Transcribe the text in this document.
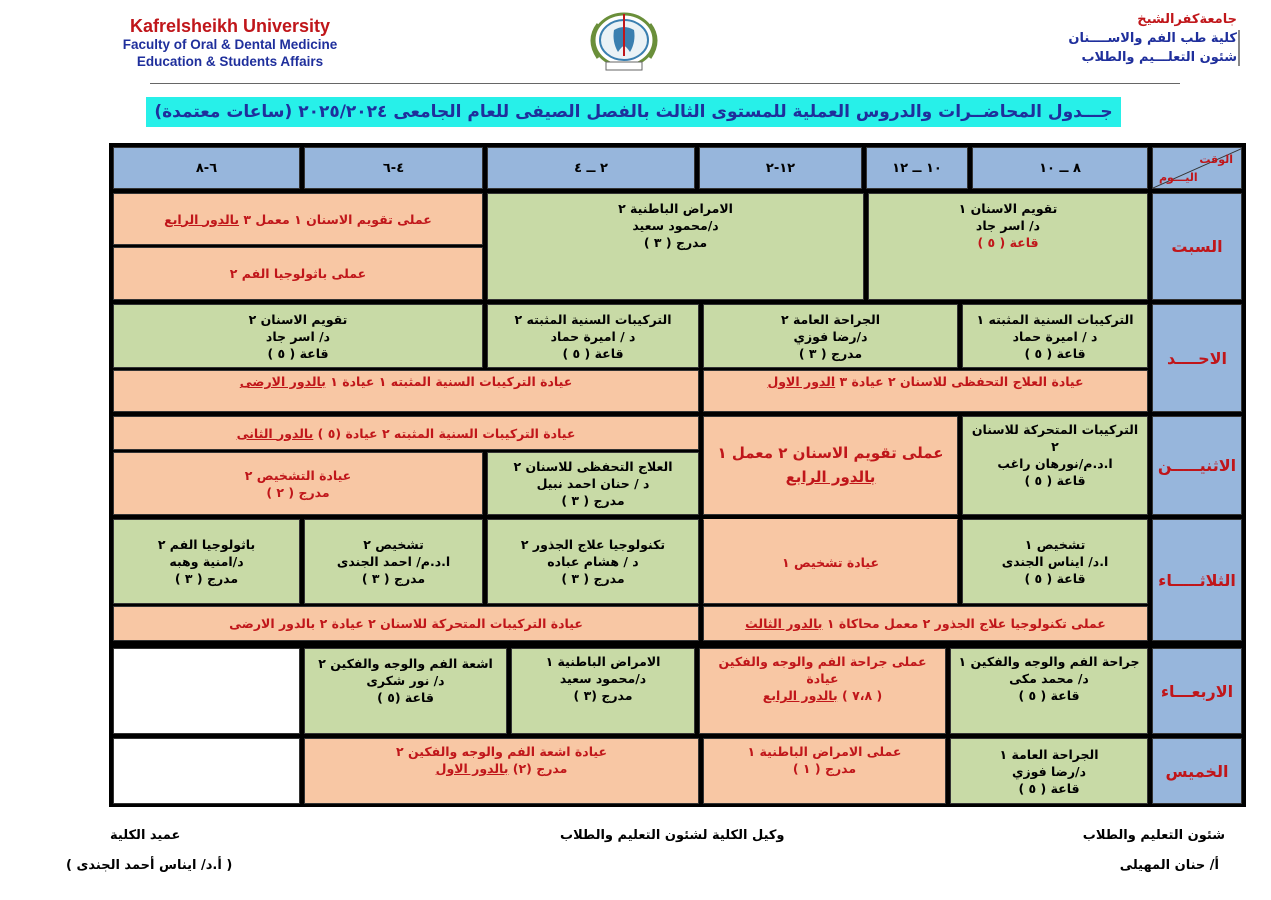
Kafrelsheikh University
Faculty of Oral & Dental Medicine
Education & Students Affairs
جامعةكفرالشيخ
كلية طب الفم والاســــنان
شئون التعلـــيم والطلاب
جـــدول المحاضــرات والدروس العملية للمستوى الثالث بالفصل الصيفى للعام الجامعى ٢٠٢٥/٢٠٢٤ (ساعات معتمدة)
الوقت
اليـــوم
٨ ــ ١٠
١٠ ــ ١٢
١٢-٢
٢ ــ ٤
٤-٦
٦-٨
السبت
الاحــــد
الاثنيـــــن
الثلاثـــــاء
الاربعـــاء
الخميس
تقويم الاسنان ١
د/ اسر جاد
قاعة ( ٥ )
الامراض الباطنية ٢
د/محمود سعيد
مدرج ( ٣ )
عملى تقويم الاسنان ١ معمل ٣ بالدور الرابع
عملى باثولوجيا الفم ٢
التركيبات السنية المثبته ١
د / اميرة حماد
قاعة ( ٥ )
الجراحة العامة ٢
د/رضا فوزي
مدرج ( ٣ )
التركيبات السنية المثبته ٢
د / اميرة حماد
قاعة ( ٥ )
تقويم الاسنان ٢
د/ اسر جاد
قاعة ( ٥ )
عيادة العلاج التحفظى للاسنان ٢ عيادة ٣ الدور الاول
عيادة التركيبات السنية المثبته ١ عيادة ١ بالدور الارضى
التركيبات المتحركة للاسنان ٢
ا.د.م/نورهان راغب
قاعة ( ٥ )
عملى تقويم الاسنان ٢ معمل ١
بالدور الرابع
عيادة التركيبات السنية المثبته ٢ عيادة (٥ ) بالدور الثانى
العلاج التحفظى للاسنان ٢
د / حنان احمد نبيل
مدرج ( ٣ )
عيادة التشخيص ٢
مدرج ( ٢ )
تشخيص ١
ا.د/ ايناس الجندى
قاعة ( ٥ )
عيادة تشخيص ١
تكنولوجيا علاج الجذور ٢
د / هشام عباده
مدرج ( ٣ )
تشخيص ٢
ا.د.م/ احمد الجندى
مدرج ( ٣ )
باثولوجيا الفم ٢
د/امنية وهبه
مدرج ( ٣ )
عملى تكنولوجيا علاج الجذور ٢ معمل محاكاة ١ بالدور الثالث
عيادة التركيبات المتحركة للاسنان ٢ عيادة ٢ بالدور الارضى
جراحة الفم والوجه والفكين ١
د/ محمد مكى
قاعة ( ٥ )
عملى جراحة الفم والوجه والفكين عيادة
( ٧،٨ ) بالدور الرابع
الامراض الباطنية ١
د/محمود سعيد
مدرج (٣ )
اشعة الفم والوجه والفكين ٢
د/ نور شكرى
قاعة (٥ )
الجراحة العامة ١
د/رضا فوزي
قاعة ( ٥ )
عملى الامراض الباطنية ١
مدرج ( ١ )
عيادة اشعة الفم والوجه والفكين ٢
مدرج (٢) بالدور الاول
شئون التعليم والطلاب
أ/ حنان المهيلى
وكيل الكلية لشئون التعليم والطلاب
عميد الكلية
( أ.د/ ايناس أحمد الجندى )
